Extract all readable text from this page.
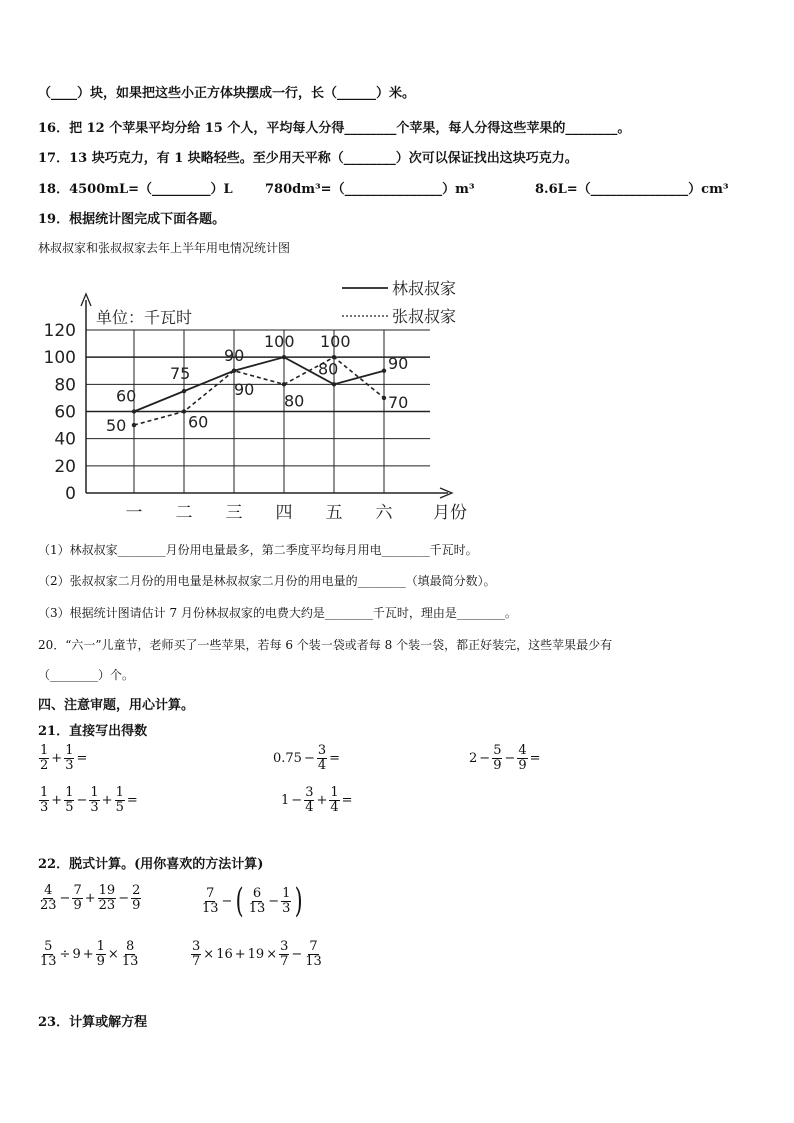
（____）块，如果把这些小正方体块摆成一行，长（______）米。
16．把 12 个苹果平均分给 15 个人，平均每人分得________个苹果，每人分得这些苹果的________。
17．13 块巧克力，有 1 块略轻些。至少用天平称（________）次可以保证找出这块巧克力。
18．4500mL=（_________）L 780dm³=（_______________）m³	8.6L=（_______________）cm³
19．根据统计图完成下面各题。
林叔叔家和张叔叔家去年上半年用电情况统计图
0
20
40
60
80
100
120
单位：千瓦时
一 二 三 四 五 六 月份
林叔叔家
张叔叔家
60
75
90
100
80	90
50	60
90
80
100
70
（1）林叔叔家________月份用电量最多，第二季度平均每月用电________千瓦时。
（2）张叔叔家二月份的用电量是林叔叔家二月份的用电量的________（填最简分数）。
（3）根据统计图请估计 7 月份林叔叔家的电费大约是________千瓦时，理由是________。
20．“六一”儿童节，老师买了一些苹果，若每 6 个装一袋或者每 8 个装一袋，都正好装完，这些苹果最少有
（________）个。
四、注意审题，用心计算。
21．直接写出得数
$\frac{1}{2} + \frac{1}{3}$ =	$0.75 - \frac{3}{4}$ =	$2 - \frac{5}{9} - \frac{4}{9}$ =
$\frac{1}{3} + \frac{1}{5} - \frac{1}{3} + \frac{1}{5}$ =	$1 - \frac{3}{4} + \frac{1}{4}$ =
22．脱式计算。(用你喜欢的方法计算)
$\frac{4}{23} - \frac{7}{9} + \frac{19}{23} - \frac{2}{9}$	$\frac{7}{13}$ − ( $\frac{6}{13} - \frac{1}{3}$ )
$\frac{5}{13} \div 9 + \frac{1}{9} \times \frac{8}{13}$	$\frac{3}{7} \times 16 + 19 \times \frac{3}{7} - \frac{7}{13}$
23．计算或解方程
